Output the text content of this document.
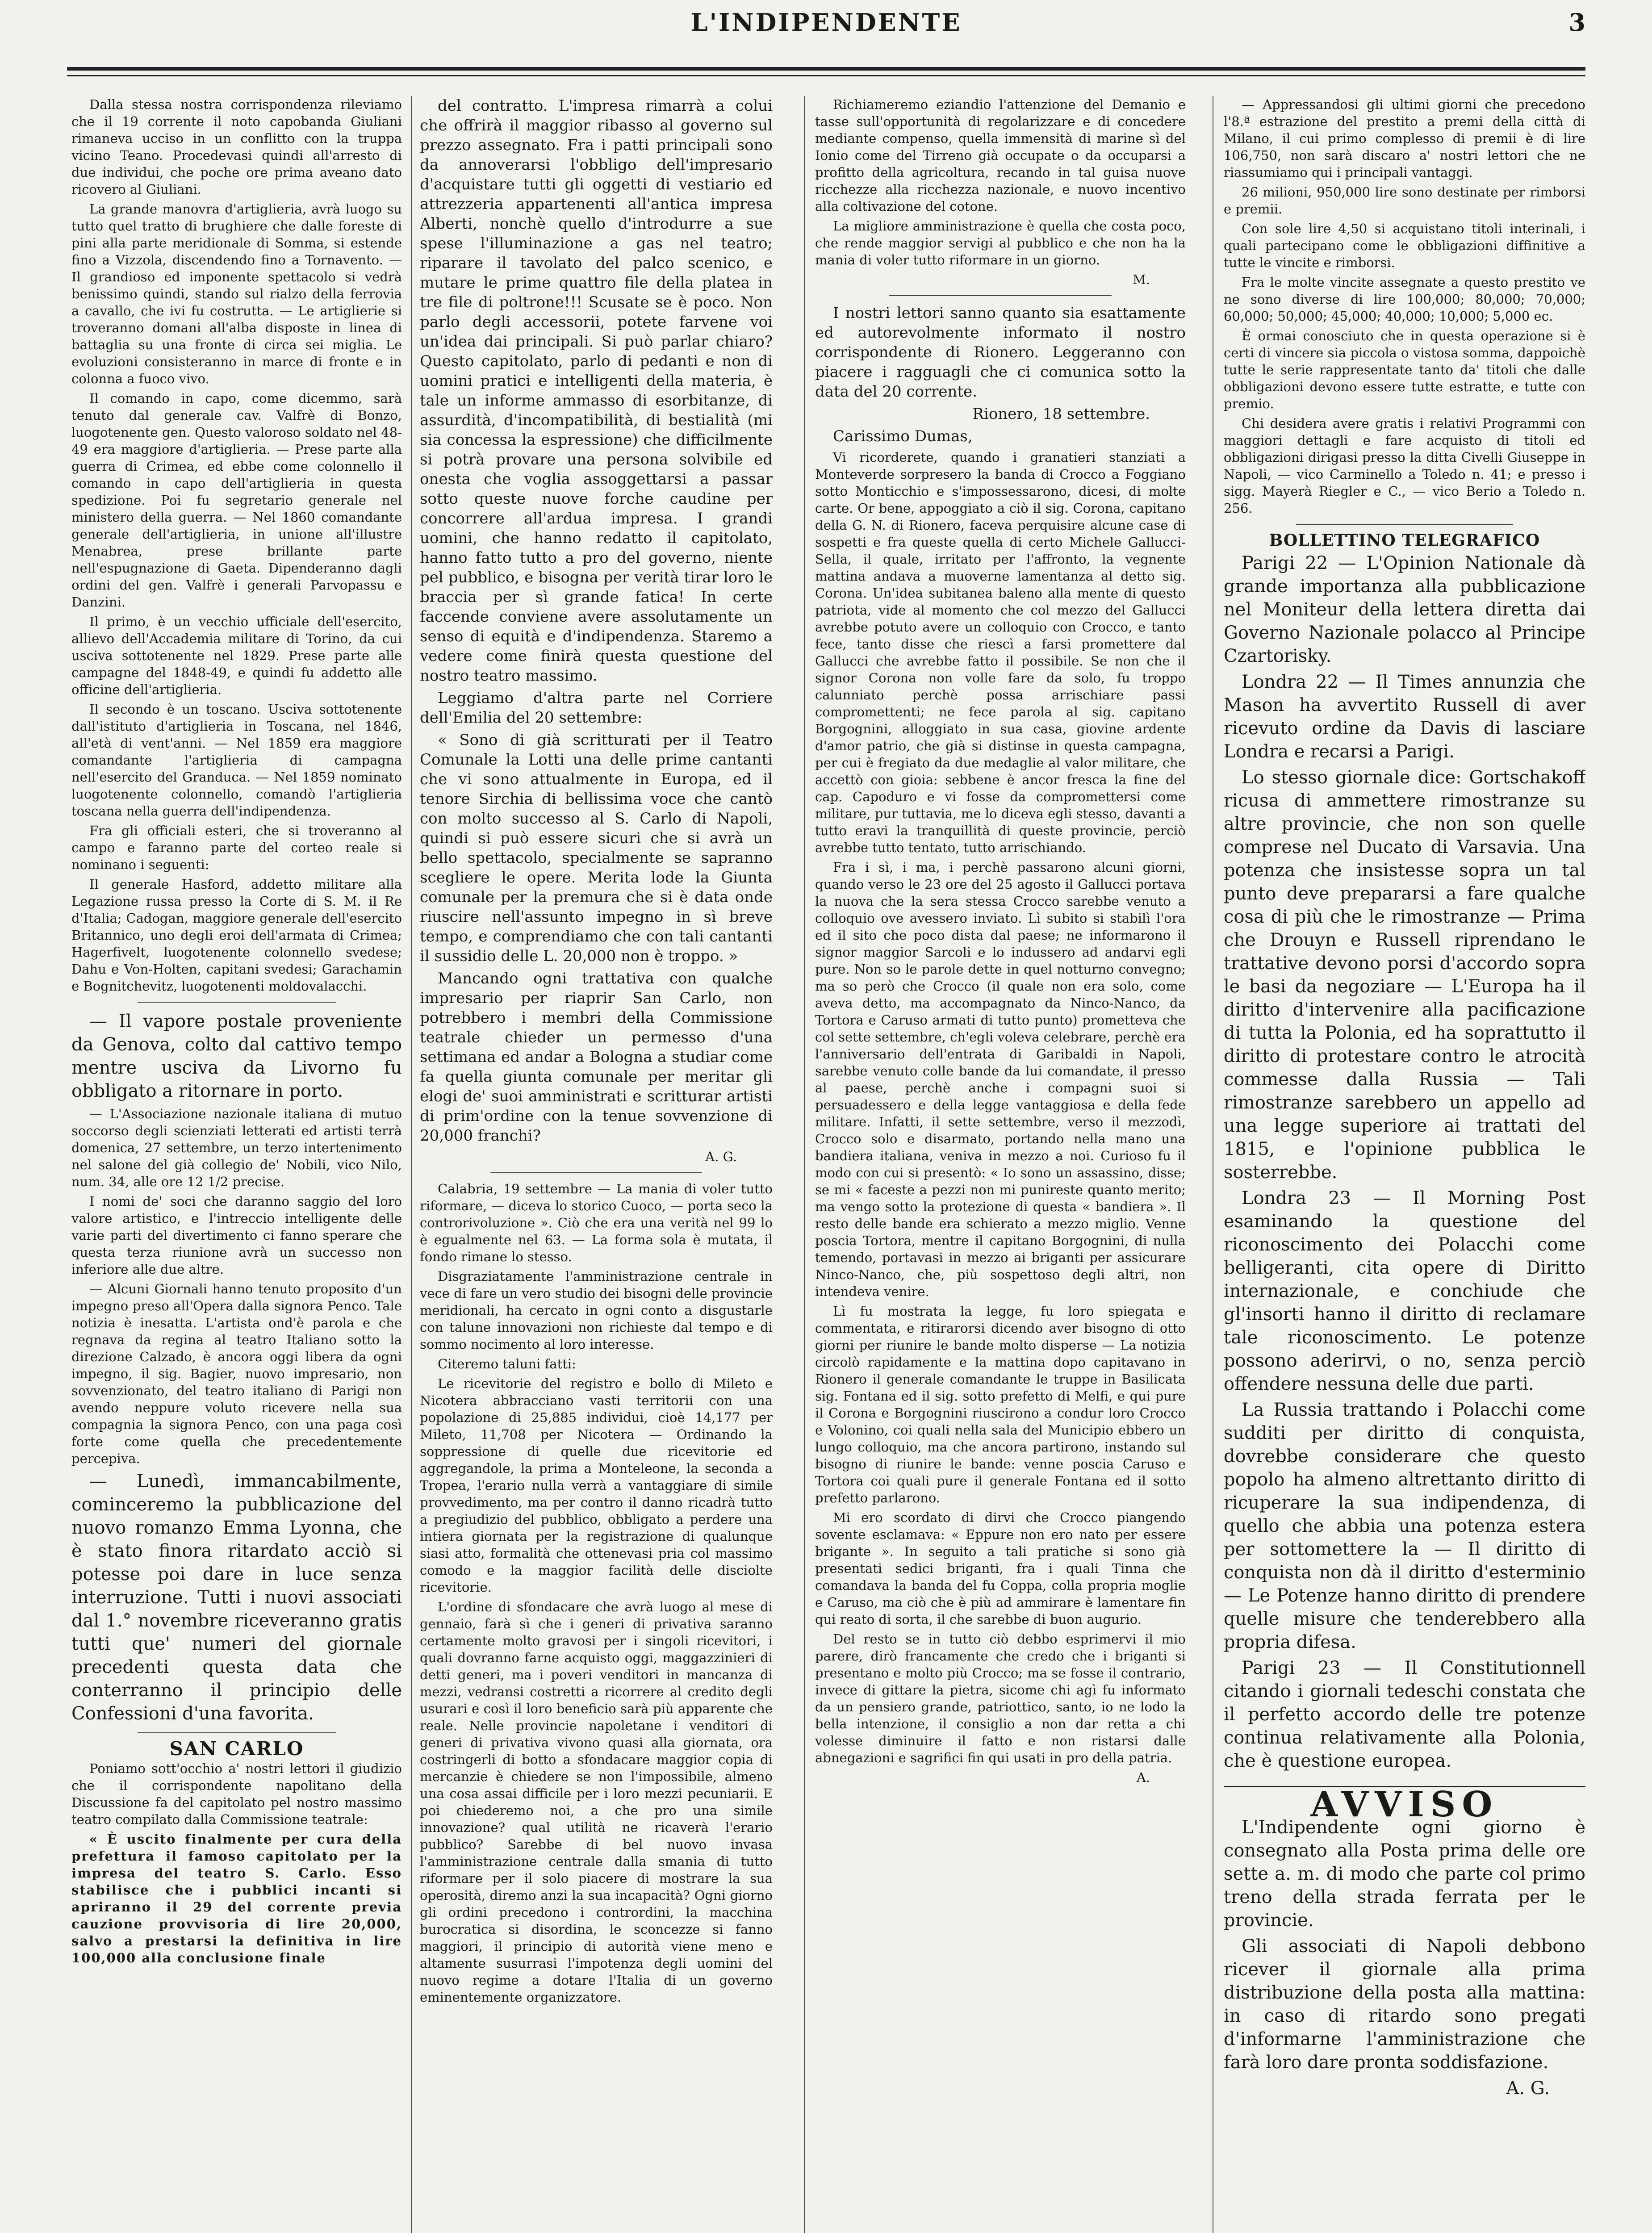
L'INDIPENDENTE	3

Dalla stessa nostra corrispondenza rileviamo che il 19 corrente il noto capobanda Giuliani rimaneva ucciso in un conflitto con la truppa vicino Teano. Procedevasi quindi all'arresto di due individui, che poche ore prima aveano dato ricovero al Giuliani.

La grande manovra d'artiglieria, avrà luogo su tutto quel tratto di brughiere che dalle foreste di pini alla parte meridionale di Somma, si estende fino a Vizzola, discendendo fino a Tornavento. — Il grandioso ed imponente spettacolo si vedrà benissimo quindi, stando sul rialzo della ferrovia a cavallo, che ivi fu costrutta. — Le artiglierie si troveranno domani all'alba disposte in linea di battaglia su una fronte di circa sei miglia. Le evoluzioni consisteranno in marce di fronte e in colonna a fuoco vivo.

Il comando in capo, come dicemmo, sarà tenuto dal generale cav. Valfrè di Bonzo, luogotenente gen. Questo valoroso soldato nel 48-49 era maggiore d'artiglieria. — Prese parte alla guerra di Crimea, ed ebbe come colonnello il comando in capo dell'artiglieria in questa spedizione. Poi fu segretario generale nel ministero della guerra. — Nel 1860 comandante generale dell'artiglieria, in unione all'illustre Menabrea, prese brillante parte nell'espugnazione di Gaeta. Dipenderanno dagli ordini del gen. Valfrè i generali Parvopassu e Danzini.

Il primo, è un vecchio ufficiale dell'esercito, allievo dell'Accademia militare di Torino, da cui usciva sottotenente nel 1829. Prese parte alle campagne del 1848-49, e quindi fu addetto alle officine dell'artiglieria.

Il secondo è un toscano. Usciva sottotenente dall'istituto d'artiglieria in Toscana, nel 1846, all'età di vent'anni. — Nel 1859 era maggiore comandante l'artiglieria di campagna nell'esercito del Granduca. — Nel 1859 nominato luogotenente colonnello, comandò l'artiglieria toscana nella guerra dell'indipendenza.

Fra gli officiali esteri, che si troveranno al campo e faranno parte del corteo reale si nominano i seguenti:

Il generale Hasford, addetto militare alla Legazione russa presso la Corte di S. M. il Re d'Italia; Cadogan, maggiore generale dell'esercito Britannico, uno degli eroi dell'armata di Crimea; Hagerfivelt, luogotenente colonnello svedese; Dahu e Von-Holten, capitani svedesi; Garachamin e Bognitchevitz, luogotenenti moldovalacchi.

— Il vapore postale proveniente da Genova, colto dal cattivo tempo mentre usciva da Livorno fu obbligato a ritornare in porto.

— L'Associazione nazionale italiana di mutuo soccorso degli scienziati letterati ed artisti terrà domenica, 27 settembre, un terzo intertenimento nel salone del già collegio de' Nobili, vico Nilo, num. 34, alle ore 12 1/2 precise.

I nomi de' soci che daranno saggio del loro valore artistico, e l'intreccio intelligente delle varie parti del divertimento ci fanno sperare che questa terza riunione avrà un successo non inferiore alle due altre.

— Alcuni Giornali hanno tenuto proposito d'un impegno preso all'Opera dalla signora Penco. Tale notizia è inesatta. L'artista ond'è parola e che regnava da regina al teatro Italiano sotto la direzione Calzado, è ancora oggi libera da ogni impegno, il sig. Bagier, nuovo impresario, non sovvenzionato, del teatro italiano di Parigi non avendo neppure voluto ricevere nella sua compagnia la signora Penco, con una paga così forte come quella che precedentemente percepiva.

— Lunedì, immancabilmente, cominceremo la pubblicazione del nuovo romanzo Emma Lyonna, che è stato finora ritardato acciò si potesse poi dare in luce senza interruzione. Tutti i nuovi associati dal 1.° novembre riceveranno gratis tutti que' numeri del giornale precedenti questa data che conterranno il principio delle Confessioni d'una favorita.

SAN CARLO

Poniamo sott'occhio a' nostri lettori il giudizio che il corrispondente napolitano della Discussione fa del capitolato pel nostro massimo teatro compilato dalla Commissione teatrale:

« È uscito finalmente per cura della prefettura il famoso capitolato per la impresa del teatro S. Carlo. Esso stabilisce che i pubblici incanti si apriranno il 29 del corrente previa cauzione provvisoria di lire 20,000, salvo a prestarsi la definitiva in lire 100,000 alla conclusione finale

del contratto. L'impresa rimarrà a colui che offrirà il maggior ribasso al governo sul prezzo assegnato. Fra i patti principali sono da annoverarsi l'obbligo dell'impresario d'acquistare tutti gli oggetti di vestiario ed attrezzeria appartenenti all'antica impresa Alberti, nonchè quello d'introdurre a sue spese l'illuminazione a gas nel teatro; riparare il tavolato del palco scenico, e mutare le prime quattro file della platea in tre file di poltrone!!! Scusate se è poco. Non parlo degli accessorii, potete farvene voi un'idea dai principali. Si può parlar chiaro? Questo capitolato, parlo di pedanti e non di uomini pratici e intelligenti della materia, è tale un informe ammasso di esorbitanze, di assurdità, d'incompatibilità, di bestialità (mi sia concessa la espressione) che difficilmente si potrà provare una persona solvibile ed onesta che voglia assoggettarsi a passar sotto queste nuove forche caudine per concorrere all'ardua impresa. I grandi uomini, che hanno redatto il capitolato, hanno fatto tutto a pro del governo, niente pel pubblico, e bisogna per verità tirar loro le braccia per sì grande fatica! In certe faccende conviene avere assolutamente un senso di equità e d'indipendenza. Staremo a vedere come finirà questa questione del nostro teatro massimo.

Leggiamo d'altra parte nel Corriere dell'Emilia del 20 settembre:

« Sono di già scritturati per il Teatro Comunale la Lotti una delle prime cantanti che vi sono attualmente in Europa, ed il tenore Sirchia di bellissima voce che cantò con molto successo al S. Carlo di Napoli, quindi si può essere sicuri che si avrà un bello spettacolo, specialmente se sapranno scegliere le opere. Merita lode la Giunta comunale per la premura che si è data onde riuscire nell'assunto impegno in sì breve tempo, e comprendiamo che con tali cantanti il sussidio delle L. 20,000 non è troppo. »

Mancando ogni trattativa con qualche impresario per riaprir San Carlo, non potrebbero i membri della Commissione teatrale chieder un permesso d'una settimana ed andar a Bologna a studiar come fa quella giunta comunale per meritar gli elogi de' suoi amministrati e scritturar artisti di prim'ordine con la tenue sovvenzione di 20,000 franchi?

A. G.

Calabria, 19 settembre — La mania di voler tutto riformare, — diceva lo storico Cuoco, — porta seco la controrivoluzione ». Ciò che era una verità nel 99 lo è egualmente nel 63. — La forma sola è mutata, il fondo rimane lo stesso.

Disgraziatamente l'amministrazione centrale in vece di fare un vero studio dei bisogni delle provincie meridionali, ha cercato in ogni conto a disgustarle con talune innovazioni non richieste dal tempo e di sommo nocimento al loro interesse.

Citeremo taluni fatti:

Le ricevitorie del registro e bollo di Mileto e Nicotera abbracciano vasti territorii con una popolazione di 25,885 individui, cioè 14,177 per Mileto, 11,708 per Nicotera — Ordinando la soppressione di quelle due ricevitorie ed aggregandole, la prima a Monteleone, la seconda a Tropea, l'erario nulla verrà a vantaggiare di simile provvedimento, ma per contro il danno ricadrà tutto a pregiudizio del pubblico, obbligato a perdere una intiera giornata per la registrazione di qualunque siasi atto, formalità che ottenevasi pria col massimo comodo e la maggior facilità delle disciolte ricevitorie.

L'ordine di sfondacare che avrà luogo al mese di gennaio, farà sì che i generi di privativa saranno certamente molto gravosi per i singoli ricevitori, i quali dovranno farne acquisto oggi, maggazzinieri di detti generi, ma i poveri venditori in mancanza di mezzi, vedransi costretti a ricorrere al credito degli usurari e così il loro beneficio sarà più apparente che reale. Nelle provincie napoletane i venditori di generi di privativa vivono quasi alla giornata, ora costringerli di botto a sfondacare maggior copia di mercanzie è chiedere se non l'impossibile, almeno una cosa assai difficile per i loro mezzi pecuniarii. E poi chiederemo noi, a che pro una simile innovazione? qual utilità ne ricaverà l'erario pubblico? Sarebbe di bel nuovo invasa l'amministrazione centrale dalla smania di tutto riformare per il solo piacere di mostrare la sua operosità, diremo anzi la sua incapacità? Ogni giorno gli ordini precedono i contrordini, la macchina burocratica si disordina, le sconcezze si fanno maggiori, il principio di autorità viene meno e altamente susurrasi l'impotenza degli uomini del nuovo regime a dotare l'Italia di un governo eminentemente organizzatore.

Richiameremo eziandio l'attenzione del Demanio e tasse sull'opportunità di regolarizzare e di concedere mediante compenso, quella immensità di marine sì del Ionio come del Tirreno già occupate o da occuparsi a profitto della agricoltura, recando in tal guisa nuove ricchezze alla ricchezza nazionale, e nuovo incentivo alla coltivazione del cotone.

La migliore amministrazione è quella che costa poco, che rende maggior servigi al pubblico e che non ha la mania di voler tutto riformare in un giorno.

M.

I nostri lettori sanno quanto sia esattamente ed autorevolmente informato il nostro corrispondente di Rionero. Leggeranno con piacere i ragguagli che ci comunica sotto la data del 20 corrente.

Rionero, 18 settembre.

Carissimo Dumas,

Vi ricorderete, quando i granatieri stanziati a Monteverde sorpresero la banda di Crocco a Foggiano sotto Monticchio e s'impossessarono, dicesi, di molte carte. Or bene, appoggiato a ciò il sig. Corona, capitano della G. N. di Rionero, faceva perquisire alcune case di sospetti e fra queste quella di certo Michele Gallucci-Sella, il quale, irritato per l'affronto, la vegnente mattina andava a muoverne lamentanza al detto sig. Corona. Un'idea subitanea baleno alla mente di questo patriota, vide al momento che col mezzo del Gallucci avrebbe potuto avere un colloquio con Crocco, e tanto fece, tanto disse che riescì a farsi promettere dal Gallucci che avrebbe fatto il possibile. Se non che il signor Corona non volle fare da solo, fu troppo calunniato perchè possa arrischiare passi compromettenti; ne fece parola al sig. capitano Borgognini, alloggiato in sua casa, giovine ardente d'amor patrio, che già si distinse in questa campagna, per cui è fregiato da due medaglie al valor militare, che accettò con gioia: sebbene è ancor fresca la fine del cap. Capoduro e vi fosse da compromettersi come militare, pur tuttavia, me lo diceva egli stesso, davanti a tutto eravi la tranquillità di queste provincie, perciò avrebbe tutto tentato, tutto arrischiando.

Fra i sì, i ma, i perchè passarono alcuni giorni, quando verso le 23 ore del 25 agosto il Gallucci portava la nuova che la sera stessa Crocco sarebbe venuto a colloquio ove avessero inviato. Lì subito si stabilì l'ora ed il sito che poco dista dal paese; ne informarono il signor maggior Sarcoli e lo indussero ad andarvi egli pure. Non so le parole dette in quel notturno convegno; ma so però che Crocco (il quale non era solo, come aveva detto, ma accompagnato da Ninco-Nanco, da Tortora e Caruso armati di tutto punto) prometteva che col sette settembre, ch'egli voleva celebrare, perchè era l'anniversario dell'entrata di Garibaldi in Napoli, sarebbe venuto colle bande da lui comandate, il presso al paese, perchè anche i compagni suoi si persuadessero e della legge vantaggiosa e della fede militare. Infatti, il sette settembre, verso il mezzodì, Crocco solo e disarmato, portando nella mano una bandiera italiana, veniva in mezzo a noi. Curioso fu il modo con cui si presentò: « Io sono un assassino, disse; se mi « faceste a pezzi non mi punireste quanto merito; ma vengo sotto la protezione di questa « bandiera ». Il resto delle bande era schierato a mezzo miglio. Venne poscia Tortora, mentre il capitano Borgognini, di nulla temendo, portavasi in mezzo ai briganti per assicurare Ninco-Nanco, che, più sospettoso degli altri, non intendeva venire.

Lì fu mostrata la legge, fu loro spiegata e commentata, e ritirarorsi dicendo aver bisogno di otto giorni per riunire le bande molto disperse — La notizia circolò rapidamente e la mattina dopo capitavano in Rionero il generale comandante le truppe in Basilicata sig. Fontana ed il sig. sotto prefetto di Melfi, e qui pure il Corona e Borgognini riuscirono a condur loro Crocco e Volonino, coi quali nella sala del Municipio ebbero un lungo colloquio, ma che ancora partirono, instando sul bisogno di riunire le bande: venne poscia Caruso e Tortora coi quali pure il generale Fontana ed il sotto prefetto parlarono.

Mi ero scordato di dirvi che Crocco piangendo sovente esclamava: « Eppure non ero nato per essere brigante ». In seguito a tali pratiche si sono già presentati sedici briganti, fra i quali Tinna che comandava la banda del fu Coppa, colla propria moglie e Caruso, ma ciò che è più ad ammirare è lamentare fin qui reato di sorta, il che sarebbe di buon augurio.

Del resto se in tutto ciò debbo esprimervi il mio parere, dirò francamente che credo che i briganti si presentano e molto più Crocco; ma se fosse il contrario, invece di gittare la pietra, sicome chi agì fu informato da un pensiero grande, patriottico, santo, io ne lodo la bella intenzione, il consiglio a non dar retta a chi volesse diminuire il fatto e non ristarsi dalle abnegazioni e sagrifici fin qui usati in pro della patria.

A.

— Appressandosi gli ultimi giorni che precedono l'8.ª estrazione del prestito a premi della città di Milano, il cui primo complesso di premii è di lire 106,750, non sarà discaro a' nostri lettori che ne riassumiamo qui i principali vantaggi.

26 milioni, 950,000 lire sono destinate per rimborsi e premii.

Con sole lire 4,50 si acquistano titoli interinali, i quali partecipano come le obbligazioni diffinitive a tutte le vincite e rimborsi.

Fra le molte vincite assegnate a questo prestito ve ne sono diverse di lire 100,000; 80,000; 70,000; 60,000; 50,000; 45,000; 40,000; 10,000; 5,000 ec.

È ormai conosciuto che in questa operazione si è certi di vincere sia piccola o vistosa somma, dappoichè tutte le serie rappresentate tanto da' titoli che dalle obbligazioni devono essere tutte estratte, e tutte con premio.

Chi desidera avere gratis i relativi Programmi con maggiori dettagli e fare acquisto di titoli ed obbligazioni dirigasi presso la ditta Civelli Giuseppe in Napoli, — vico Carminello a Toledo n. 41; e presso i sigg. Mayerà Riegler e C., — vico Berio a Toledo n. 256.

BOLLETTINO TELEGRAFICO

Parigi 22 — L'Opinion Nationale dà grande importanza alla pubblicazione nel Moniteur della lettera diretta dai Governo Nazionale polacco al Principe Czartorisky.

Londra 22 — Il Times annunzia che Mason ha avvertito Russell di aver ricevuto ordine da Davis di lasciare Londra e recarsi a Parigi.

Lo stesso giornale dice: Gortschakoff ricusa di ammettere rimostranze su altre provincie, che non son quelle comprese nel Ducato di Varsavia. Una potenza che insistesse sopra un tal punto deve prepararsi a fare qualche cosa di più che le rimostranze — Prima che Drouyn e Russell riprendano le trattative devono porsi d'accordo sopra le basi da negoziare — L'Europa ha il diritto d'intervenire alla pacificazione di tutta la Polonia, ed ha soprattutto il diritto di protestare contro le atrocità commesse dalla Russia — Tali rimostranze sarebbero un appello ad una legge superiore ai trattati del 1815, e l'opinione pubblica le sosterrebbe.

Londra 23 — Il Morning Post esaminando la questione del riconoscimento dei Polacchi come belligeranti, cita opere di Diritto internazionale, e conchiude che gl'insorti hanno il diritto di reclamare tale riconoscimento. Le potenze possono aderirvi, o no, senza perciò offendere nessuna delle due parti.

La Russia trattando i Polacchi come sudditi per diritto di conquista, dovrebbe considerare che questo popolo ha almeno altrettanto diritto di ricuperare la sua indipendenza, di quello che abbia una potenza estera per sottomettere la — Il diritto di conquista non dà il diritto d'esterminio — Le Potenze hanno diritto di prendere quelle misure che tenderebbero alla propria difesa.

Parigi 23 — Il Constitutionnell citando i giornali tedeschi constata che il perfetto accordo delle tre potenze continua relativamente alla Polonia, che è questione europea.

AVVISO

L'Indipendente ogni giorno è consegnato alla Posta prima delle ore sette a. m. di modo che parte col primo treno della strada ferrata per le provincie.

Gli associati di Napoli debbono ricever il giornale alla prima distribuzione della posta alla mattina: in caso di ritardo sono pregati d'informarne l'amministrazione che farà loro dare pronta soddisfazione.

A. G.
